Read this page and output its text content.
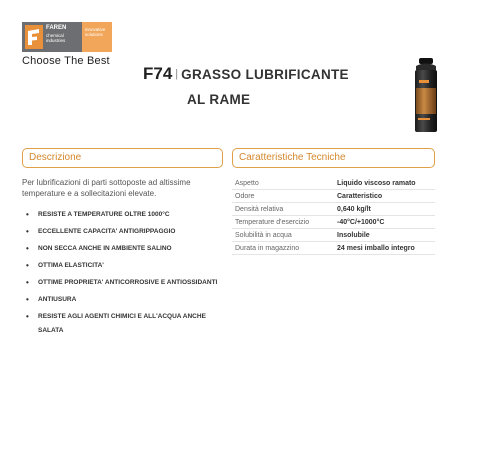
FAREN
chemical industries
innovative solutions
Choose The Best
F74 | GRASSO LUBRIFICANTE
AL RAME
Descrizione	Caratteristiche Tecniche
Per lubrificazioni di parti sottoposte ad altissime temperature e a sollecitazioni elevate.
• RESISTE A TEMPERATURE OLTRE 1000°C
• ECCELLENTE CAPACITA' ANTIGRIPPAGGIO
• NON SECCA ANCHE IN AMBIENTE SALINO
• OTTIMA ELASTICITA'
• OTTIME PROPRIETA' ANTICORROSIVE E ANTIOSSIDANTI
• ANTIUSURA
• RESISTE AGLI AGENTI CHIMICI E ALL'ACQUA ANCHE SALATA
Aspetto	Liquido viscoso ramato
Odore	Caratteristico
Densità relativa	0,640 kg/lt
Temperature d'esercizio	-40°C/+1000°C
Solubilità in acqua	Insolubile
Durata in magazzino	24 mesi imballo integro
